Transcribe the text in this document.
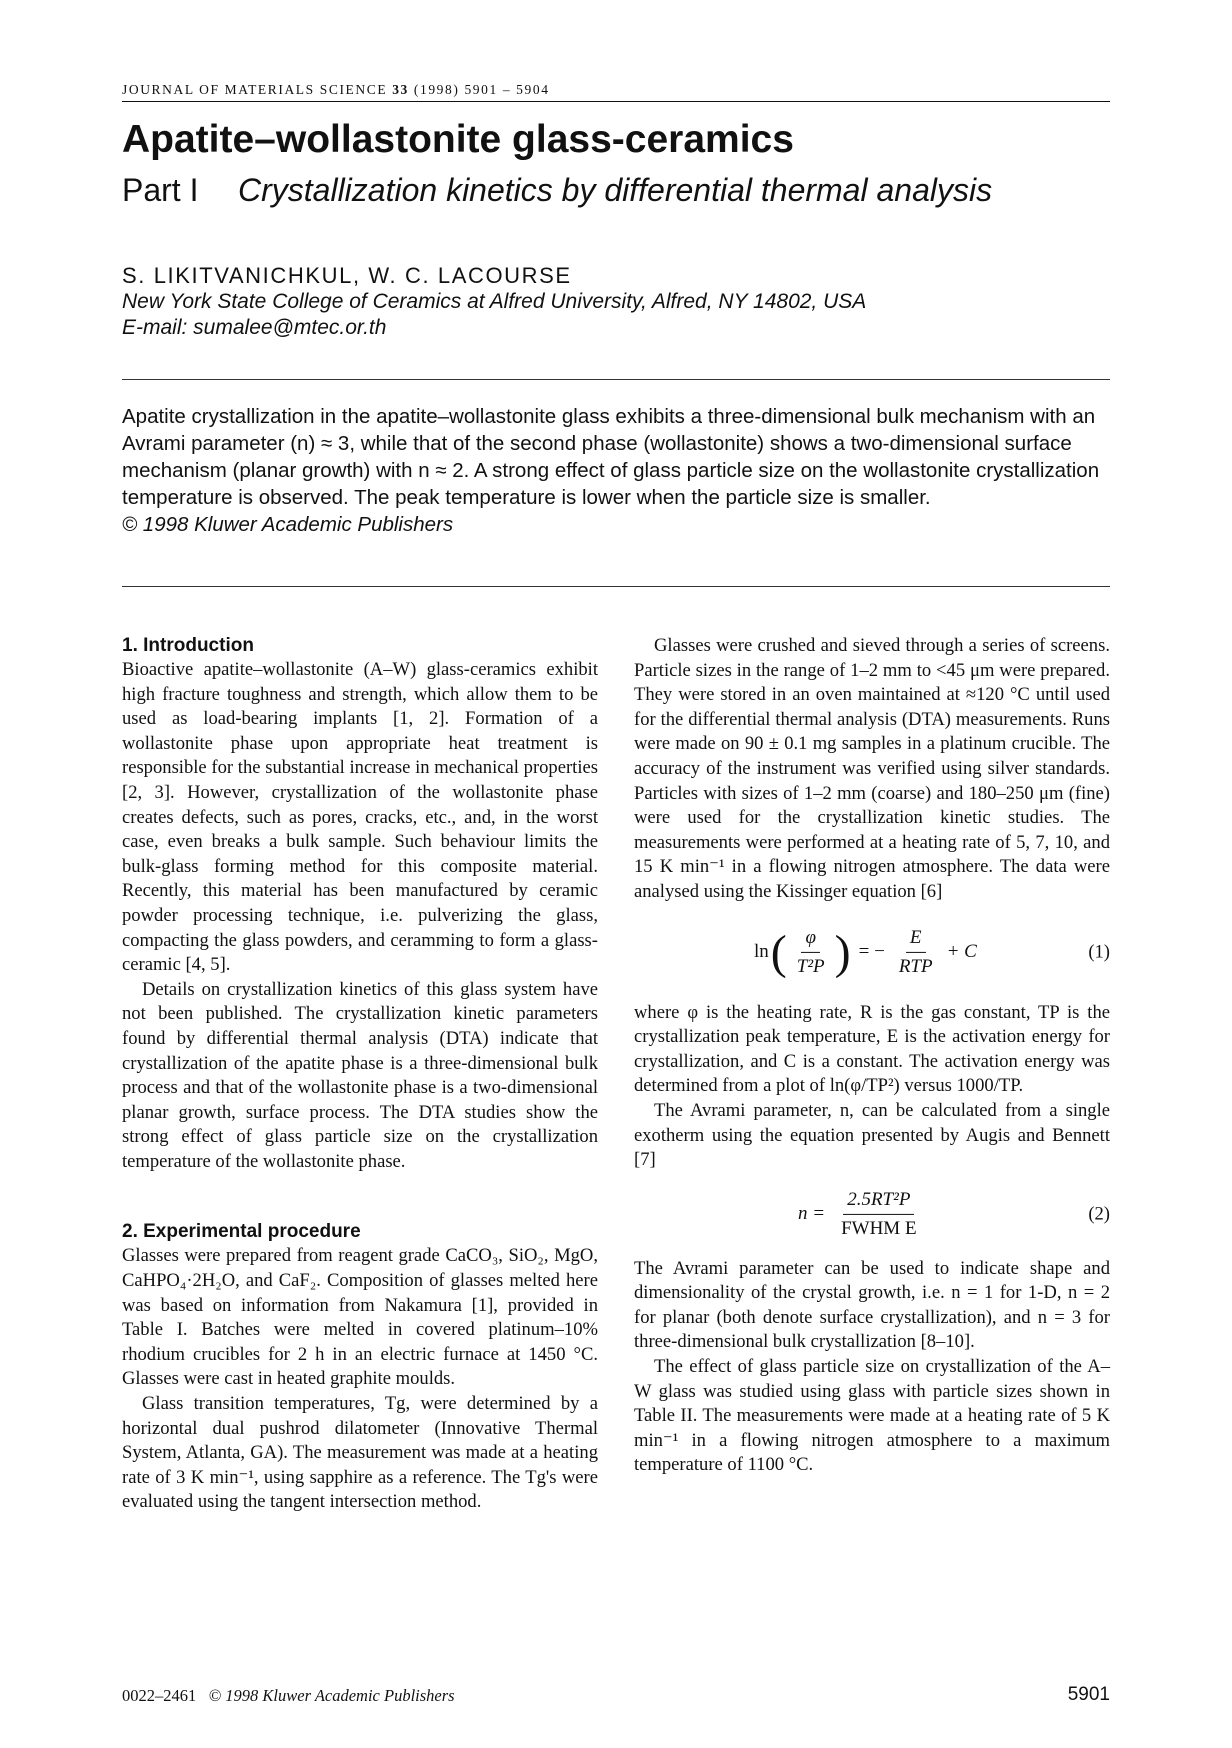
JOURNAL OF MATERIALS SCIENCE 33 (1998) 5901 – 5904
Apatite–wollastonite glass-ceramics
Part I Crystallization kinetics by differential thermal analysis
S. LIKITVANICHKUL, W. C. LACOURSE
New York State College of Ceramics at Alfred University, Alfred, NY 14802, USA
E-mail: sumalee@mtec.or.th

Apatite crystallization in the apatite–wollastonite glass exhibits a three-dimensional bulk mechanism with an Avrami parameter (n) ≈ 3, while that of the second phase (wollastonite) shows a two-dimensional surface mechanism (planar growth) with n ≈ 2. A strong effect of glass particle size on the wollastonite crystallization temperature is observed. The peak temperature is lower when the particle size is smaller.

© 1998 Kluwer Academic Publishers

1. Introduction

Bioactive apatite–wollastonite (A–W) glass-ceramics exhibit high fracture toughness and strength, which allow them to be used as load-bearing implants [1, 2]. Formation of a wollastonite phase upon appropriate heat treatment is responsible for the substantial increase in mechanical properties [2, 3]. However, crystallization of the wollastonite phase creates defects, such as pores, cracks, etc., and, in the worst case, even breaks a bulk sample. Such behaviour limits the bulk-glass forming method for this composite material. Recently, this material has been manufactured by ceramic powder processing technique, i.e. pulverizing the glass, compacting the glass powders, and ceramming to form a glass-ceramic [4, 5].

Details on crystallization kinetics of this glass system have not been published. The crystallization kinetic parameters found by differential thermal analysis (DTA) indicate that crystallization of the apatite phase is a three-dimensional bulk process and that of the wollastonite phase is a two-dimensional planar growth, surface process. The DTA studies show the strong effect of glass particle size on the crystallization temperature of the wollastonite phase.

2. Experimental procedure

Glasses were prepared from reagent grade CaCO₃, SiO₂, MgO, CaHPO₄·2H₂O, and CaF₂. Composition of glasses melted here was based on information from Nakamura [1], provided in Table I. Batches were melted in covered platinum–10% rhodium crucibles for 2 h in an electric furnace at 1450 °C. Glasses were cast in heated graphite moulds.

Glass transition temperatures, Tg, were determined by a horizontal dual pushrod dilatometer (Innovative Thermal System, Atlanta, GA). The measurement was made at a heating rate of 3 K min⁻¹, using sapphire as a reference. The Tg's were evaluated using the tangent intersection method.

Glasses were crushed and sieved through a series of screens. Particle sizes in the range of 1–2 mm to <45 μm were prepared. They were stored in an oven maintained at ≈120 °C until used for the differential thermal analysis (DTA) measurements. Runs were made on 90 ± 0.1 mg samples in a platinum crucible. The accuracy of the instrument was verified using silver standards. Particles with sizes of 1–2 mm (coarse) and 180–250 μm (fine) were used for the crystallization kinetic studies. The measurements were performed at a heating rate of 5, 7, 10, and 15 K min⁻¹ in a flowing nitrogen atmosphere. The data were analysed using the Kissinger equation [6]

ln ( $\frac{\varphi}{\text{T²P}}$ ) = − $\frac{E}{\text{RTP}} + C$	(1)

where φ is the heating rate, R is the gas constant, TP is the crystallization peak temperature, E is the activation energy for crystallization, and C is a constant. The activation energy was determined from a plot of ln(φ/TP²) versus 1000/TP.

The Avrami parameter, n, can be calculated from a single exotherm using the equation presented by Augis and Bennett [7]

$n = \frac{\text{2.5RT²P}}{\text{FWHM E}}$	(2)

The Avrami parameter can be used to indicate shape and dimensionality of the crystal growth, i.e. n = 1 for 1-D, n = 2 for planar (both denote surface crystallization), and n = 3 for three-dimensional bulk crystallization [8–10].

The effect of glass particle size on crystallization of the A–W glass was studied using glass with particle sizes shown in Table II. The measurements were made at a heating rate of 5 K min⁻¹ in a flowing nitrogen atmosphere to a maximum temperature of 1100 °C.

0022–2461 © 1998 Kluwer Academic Publishers	5901
